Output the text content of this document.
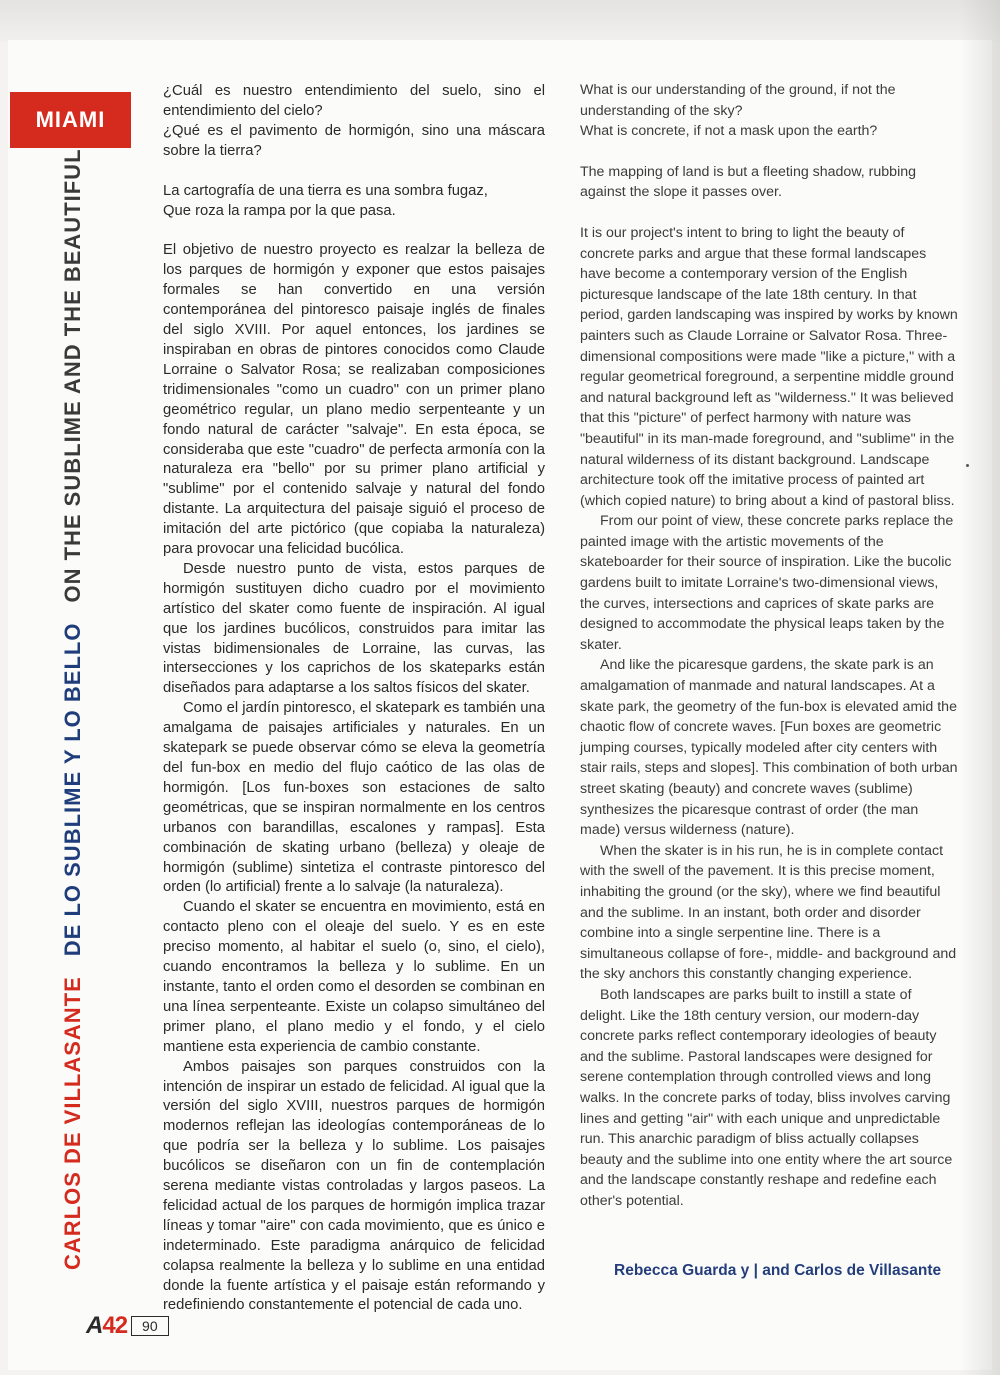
MIAMI
CARLOS DE VILLASANTE
DE LO SUBLIME Y LO BELLO
ON THE SUBLIME AND THE BEAUTIFUL

¿Cuál es nuestro entendimiento del suelo, sino el entendimiento del cielo?

¿Qué es el pavimento de hormigón, sino una máscara sobre la tierra?

La cartografía de una tierra es una sombra fugaz,

Que roza la rampa por la que pasa.

El objetivo de nuestro proyecto es realzar la belleza de los parques de hormigón y exponer que estos paisajes formales se han convertido en una versión contemporánea del pintoresco paisaje inglés de finales del siglo XVIII. Por aquel entonces, los jardines se inspiraban en obras de pintores conocidos como Claude Lorraine o Salvator Rosa; se realizaban composiciones tridimensionales "como un cuadro" con un primer plano geométrico regular, un plano medio serpenteante y un fondo natural de carácter "salvaje". En esta época, se consideraba que este "cuadro" de perfecta armonía con la naturaleza era "bello" por su primer plano artificial y "sublime" por el contenido salvaje y natural del fondo distante. La arquitectura del paisaje siguió el proceso de imitación del arte pictórico (que copiaba la naturaleza) para provocar una felicidad bucólica.

Desde nuestro punto de vista, estos parques de hormigón sustituyen dicho cuadro por el movimiento artístico del skater como fuente de inspiración. Al igual que los jardines bucólicos, construidos para imitar las vistas bidimensionales de Lorraine, las curvas, las intersecciones y los caprichos de los skateparks están diseñados para adaptarse a los saltos físicos del skater.

Como el jardín pintoresco, el skatepark es también una amalgama de paisajes artificiales y naturales. En un skatepark se puede observar cómo se eleva la geometría del fun-box en medio del flujo caótico de las olas de hormigón. [Los fun-boxes son estaciones de salto geométricas, que se inspiran normalmente en los centros urbanos con barandillas, escalones y rampas]. Esta combinación de skating urbano (belleza) y oleaje de hormigón (sublime) sintetiza el contraste pintoresco del orden (lo artificial) frente a lo salvaje (la naturaleza).

Cuando el skater se encuentra en movimiento, está en contacto pleno con el oleaje del suelo. Y es en este preciso momento, al habitar el suelo (o, sino, el cielo), cuando encontramos la belleza y lo sublime. En un instante, tanto el orden como el desorden se combinan en una línea serpenteante. Existe un colapso simultáneo del primer plano, el plano medio y el fondo, y el cielo mantiene esta experiencia de cambio constante.

Ambos paisajes son parques construidos con la intención de inspirar un estado de felicidad. Al igual que la versión del siglo XVIII, nuestros parques de hormigón modernos reflejan las ideologías contemporáneas de lo que podría ser la belleza y lo sublime. Los paisajes bucólicos se diseñaron con un fin de contemplación serena mediante vistas controladas y largos paseos. La felicidad actual de los parques de hormigón implica trazar líneas y tomar "aire" con cada movimiento, que es único e indeterminado. Este paradigma anárquico de felicidad colapsa realmente la belleza y lo sublime en una entidad donde la fuente artística y el paisaje están reformando y redefiniendo constantemente el potencial de cada uno.

What is our understanding of the ground, if not the understanding of the sky?

What is concrete, if not a mask upon the earth?

The mapping of land is but a fleeting shadow, rubbing against the slope it passes over.

It is our project's intent to bring to light the beauty of concrete parks and argue that these formal landscapes have become a contemporary version of the English picturesque landscape of the late 18th century. In that period, garden landscaping was inspired by works by known painters such as Claude Lorraine or Salvator Rosa. Three-dimensional compositions were made "like a picture," with a regular geometrical foreground, a serpentine middle ground and natural background left as "wilderness." It was believed that this "picture" of perfect harmony with nature was "beautiful" in its man-made foreground, and "sublime" in the natural wilderness of its distant background. Landscape architecture took off the imitative process of painted art (which copied nature) to bring about a kind of pastoral bliss.

From our point of view, these concrete parks replace the painted image with the artistic movements of the skateboarder for their source of inspiration. Like the bucolic gardens built to imitate Lorraine's two-dimensional views, the curves, intersections and caprices of skate parks are designed to accommodate the physical leaps taken by the skater.

And like the picaresque gardens, the skate park is an amalgamation of manmade and natural landscapes. At a skate park, the geometry of the fun-box is elevated amid the chaotic flow of concrete waves. [Fun boxes are geometric jumping courses, typically modeled after city centers with stair rails, steps and slopes]. This combination of both urban street skating (beauty) and concrete waves (sublime) synthesizes the picaresque contrast of order (the man made) versus wilderness (nature).

When the skater is in his run, he is in complete contact with the swell of the pavement. It is this precise moment, inhabiting the ground (or the sky), where we find beautiful and the sublime. In an instant, both order and disorder combine into a single serpentine line. There is a simultaneous collapse of fore-, middle- and background and the sky anchors this constantly changing experience.

Both landscapes are parks built to instill a state of delight. Like the 18th century version, our modern-day concrete parks reflect contemporary ideologies of beauty and the sublime. Pastoral landscapes were designed for serene contemplation through controlled views and long walks. In the concrete parks of today, bliss involves carving lines and getting "air" with each unique and unpredictable run. This anarchic paradigm of bliss actually collapses beauty and the sublime into one entity where the art source and the landscape constantly reshape and redefine each other's potential.

Rebecca Guarda y | and Carlos de Villasante
A42	90
